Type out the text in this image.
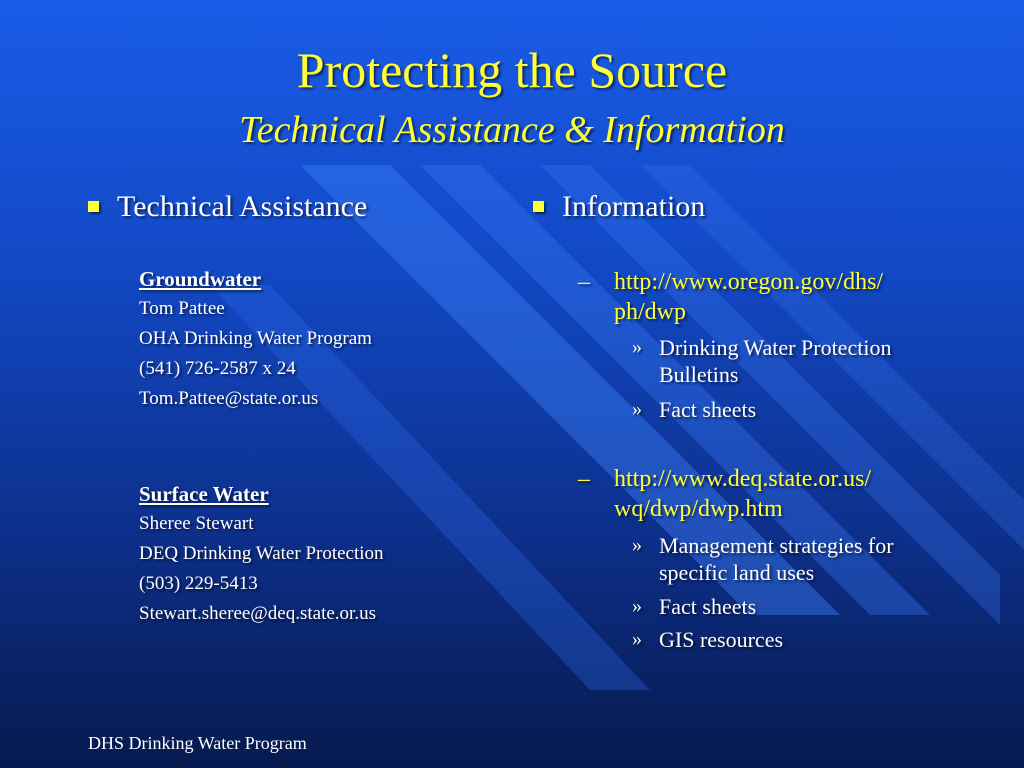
Protecting the Source
Technical Assistance & Information
Technical Assistance
Groundwater
Tom Pattee
OHA Drinking Water Program
(541) 726-2587 x 24
Tom.Pattee@state.or.us
Surface Water
Sheree Stewart
DEQ Drinking Water Protection
(503) 229-5413
Stewart.sheree@deq.state.or.us
Information
– http://www.oregon.gov/dhs/
ph/dwp
» Drinking Water Protection
Bulletins
» Fact sheets
– http://www.deq.state.or.us/
wq/dwp/dwp.htm
» Management strategies for
specific land uses
» Fact sheets
» GIS resources
DHS Drinking Water Program
